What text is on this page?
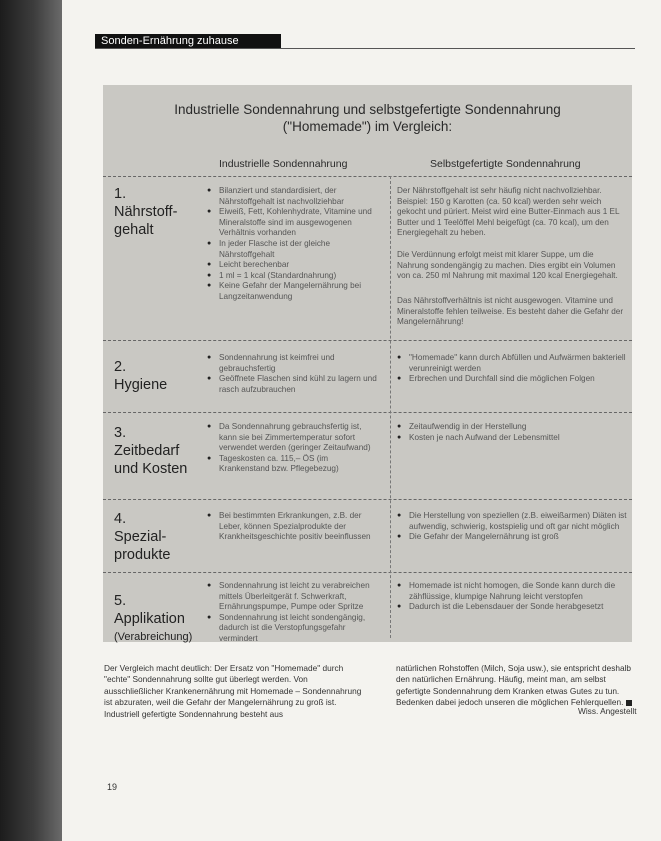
Sonden-Ernährung zuhause
Industrielle Sondennahrung und selbstgefertigte Sondennahrung
("Homemade") im Vergleich:
Industrielle Sondennahrung	Selbstgefertigte Sondennahrung
1.
Nährstoff-
gehalt
● Bilanziert und standardisiert, der Nährstoffgehalt ist nachvollziehbar
● Eiweiß, Fett, Kohlenhydrate, Vitamine und Mineralstoffe sind im ausgewogenen Verhältnis vorhanden
● In jeder Flasche ist der gleiche Nährstoffgehalt
● Leicht berechenbar
● 1 ml = 1 kcal (Standardnahrung)
● Keine Gefahr der Mangelernährung bei Langzeitanwendung

Der Nährstoffgehalt ist sehr häufig nicht nachvollziehbar. Beispiel: 150 g Karotten (ca. 50 kcal) werden sehr weich gekocht und püriert. Meist wird eine Butter-Einmach aus 1 EL Butter und 1 Teelöffel Mehl beigefügt (ca. 70 kcal), um den Energiegehalt zu heben.

Die Verdünnung erfolgt meist mit klarer Suppe, um die Nahrung sondengängig zu machen. Dies ergibt ein Volumen von ca. 250 ml Nahrung mit maximal 120 kcal Energiegehalt.

Das Nährstoffverhältnis ist nicht ausgewogen. Vitamine und Mineralstoffe fehlen teilweise. Es besteht daher die Gefahr der Mangelernährung!

2.
Hygiene
● Sondennahrung ist keimfrei und gebrauchsfertig
● Geöffnete Flaschen sind kühl zu lagern und rasch aufzubrauchen
● "Homemade" kann durch Abfüllen und Aufwärmen bakteriell verunreinigt werden
● Erbrechen und Durchfall sind die möglichen Folgen
3.
Zeitbedarf
und Kosten
● Da Sondennahrung gebrauchsfertig ist, kann sie bei Zimmertemperatur sofort verwendet werden (geringer Zeitaufwand)
● Tageskosten ca. 115,– ÖS (im Krankenstand bzw. Pflegebezug)
● Zeitaufwendig in der Herstellung
● Kosten je nach Aufwand der Lebensmittel
4.
Spezial-
produkte
● Bei bestimmten Erkrankungen, z.B. der Leber, können Spezialprodukte der Krankheitsgeschichte positiv beeinflussen
● Die Herstellung von speziellen (z.B. eiweißarmen) Diäten ist aufwendig, schwierig, kostspielig und oft gar nicht möglich
● Die Gefahr der Mangelernährung ist groß
5.
Applikation
(Verabreichung)
● Sondennahrung ist leicht zu verabreichen mittels Überleitgerät f. Schwerkraft, Ernährungspumpe, Pumpe oder Spritze
● Sondennahrung ist leicht sondengängig, dadurch ist die Verstopfungsgefahr vermindert
● Homemade ist nicht homogen, die Sonde kann durch die zähflüssige, klumpige Nahrung leicht verstopfen
● Dadurch ist die Lebensdauer der Sonde herabgesetzt

Der Vergleich macht deutlich: Der Ersatz von "Homemade" durch "echte" Sondennahrung sollte gut überlegt werden. Von ausschließlicher Krankenernährung mit Homemade – Sondennahrung ist abzuraten, weil die Gefahr der Mangelernährung zu groß ist. Industriell gefertigte Sondennahrung besteht aus

natürlichen Rohstoffen (Milch, Soja usw.), sie entspricht deshalb den natürlichen Ernährung. Häufig, meint man, am selbst gefertigte Sondennahrung dem Kranken etwas Gutes zu tun. Bedenken dabei jedoch unseren die möglichen Fehlerquellen.

Wiss. Angestellt
19
